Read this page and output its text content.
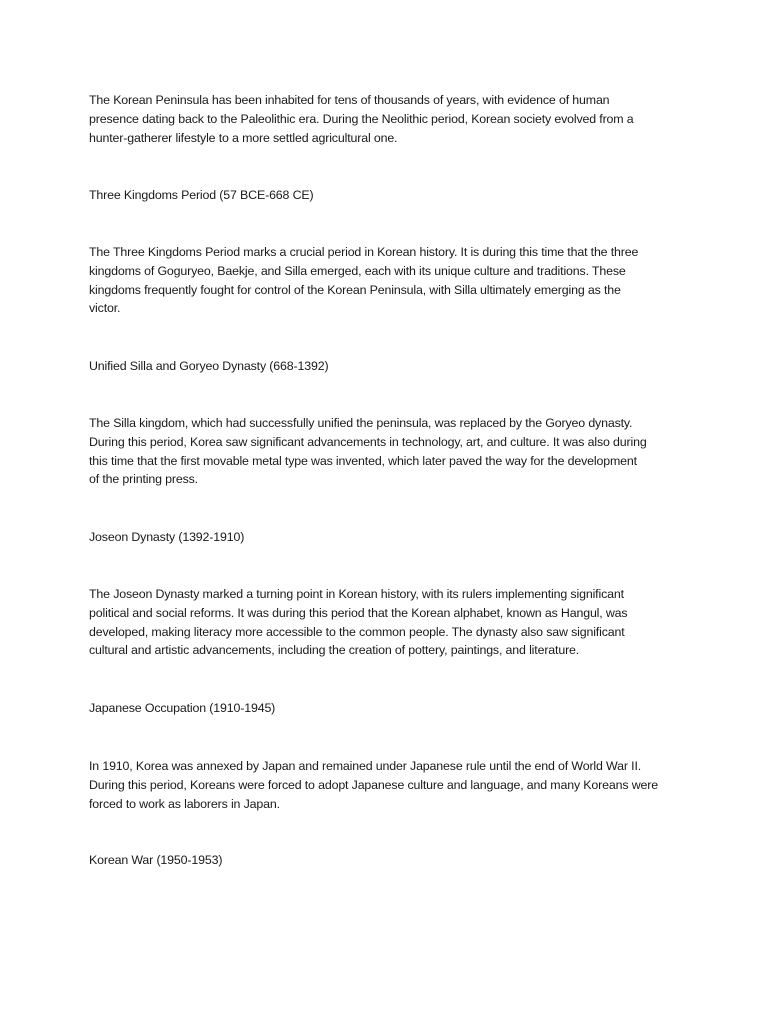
The Korean Peninsula has been inhabited for tens of thousands of years, with evidence of human
presence dating back to the Paleolithic era. During the Neolithic period, Korean society evolved from a
hunter-gatherer lifestyle to a more settled agricultural one.

Three Kingdoms Period (57 BCE-668 CE)

The Three Kingdoms Period marks a crucial period in Korean history. It is during this time that the three
kingdoms of Goguryeo, Baekje, and Silla emerged, each with its unique culture and traditions. These
kingdoms frequently fought for control of the Korean Peninsula, with Silla ultimately emerging as the
victor.

Unified Silla and Goryeo Dynasty (668-1392)

The Silla kingdom, which had successfully unified the peninsula, was replaced by the Goryeo dynasty.
During this period, Korea saw significant advancements in technology, art, and culture. It was also during
this time that the first movable metal type was invented, which later paved the way for the development
of the printing press.

Joseon Dynasty (1392-1910)

The Joseon Dynasty marked a turning point in Korean history, with its rulers implementing significant
political and social reforms. It was during this period that the Korean alphabet, known as Hangul, was
developed, making literacy more accessible to the common people. The dynasty also saw significant
cultural and artistic advancements, including the creation of pottery, paintings, and literature.

Japanese Occupation (1910-1945)

In 1910, Korea was annexed by Japan and remained under Japanese rule until the end of World War II.
During this period, Koreans were forced to adopt Japanese culture and language, and many Koreans were
forced to work as laborers in Japan.

Korean War (1950-1953)
